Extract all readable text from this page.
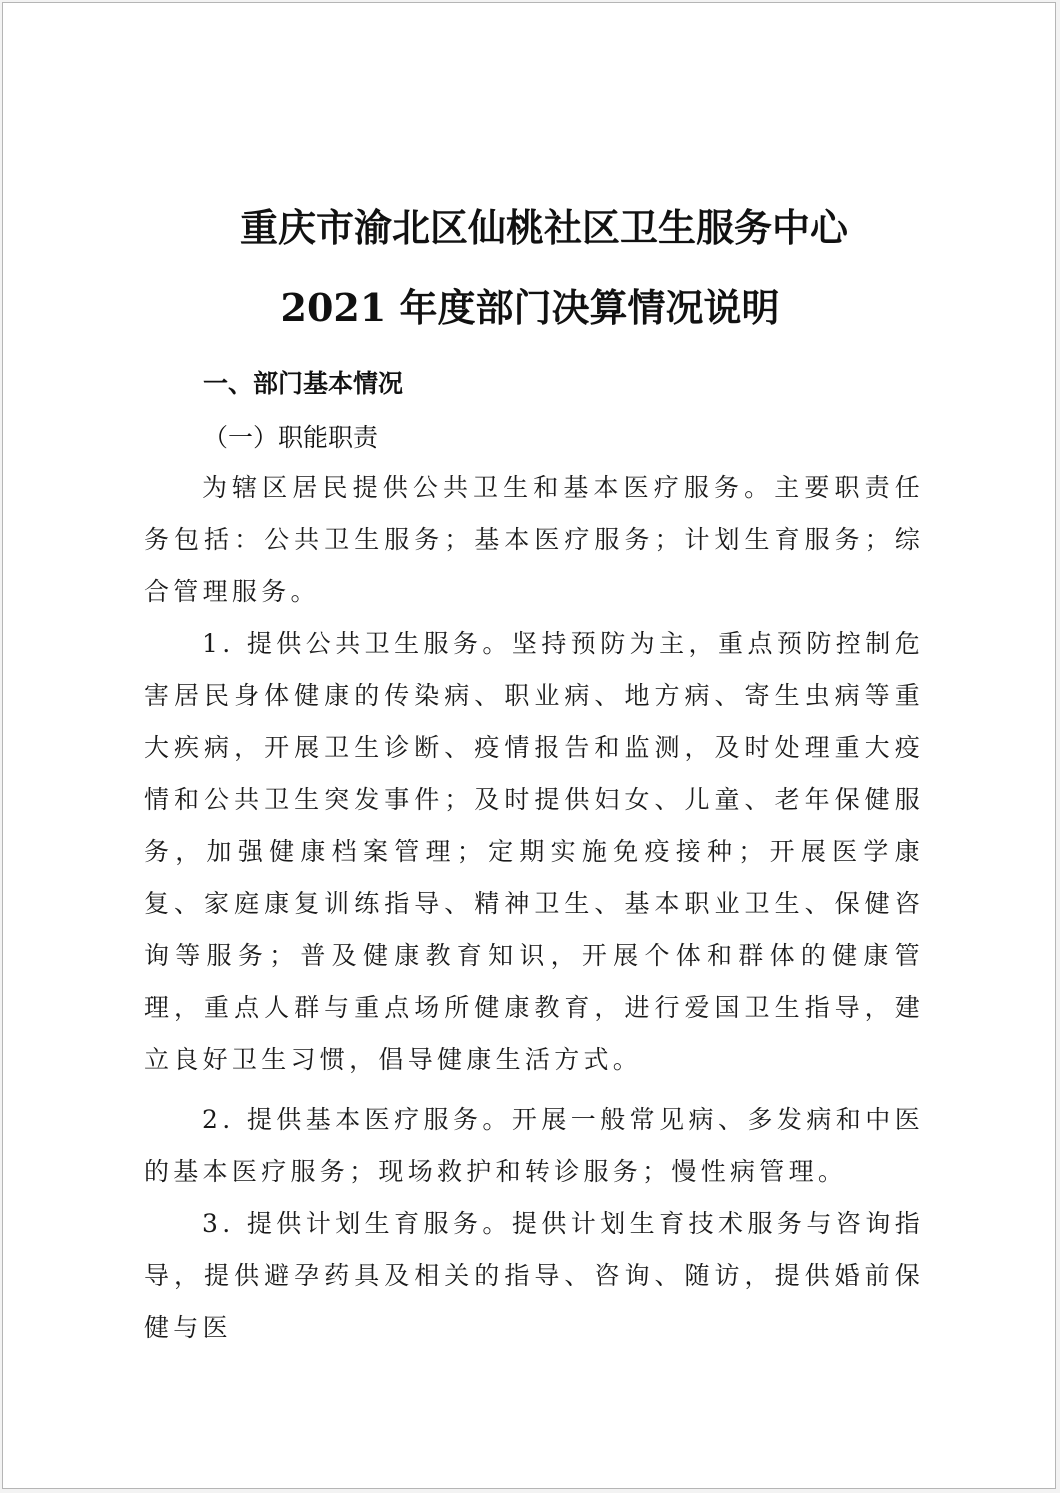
重庆市渝北区仙桃社区卫生服务中心
2021 年度部门决算情况说明
一、部门基本情况
（一）职能职责

为辖区居民提供公共卫生和基本医疗服务。主要职责任务包括：公共卫生服务；基本医疗服务；计划生育服务；综合管理服务。

1. 提供公共卫生服务。坚持预防为主，重点预防控制危害居民身体健康的传染病、职业病、地方病、寄生虫病等重大疾病，开展卫生诊断、疫情报告和监测，及时处理重大疫情和公共卫生突发事件；及时提供妇女、儿童、老年保健服务，加强健康档案管理；定期实施免疫接种；开展医学康复、家庭康复训练指导、精神卫生、基本职业卫生、保健咨询等服务；普及健康教育知识，开展个体和群体的健康管理，重点人群与重点场所健康教育，进行爱国卫生指导，建立良好卫生习惯，倡导健康生活方式。

2. 提供基本医疗服务。开展一般常见病、多发病和中医的基本医疗服务；现场救护和转诊服务；慢性病管理。

3. 提供计划生育服务。提供计划生育技术服务与咨询指导，提供避孕药具及相关的指导、咨询、随访，提供婚前保健与医
